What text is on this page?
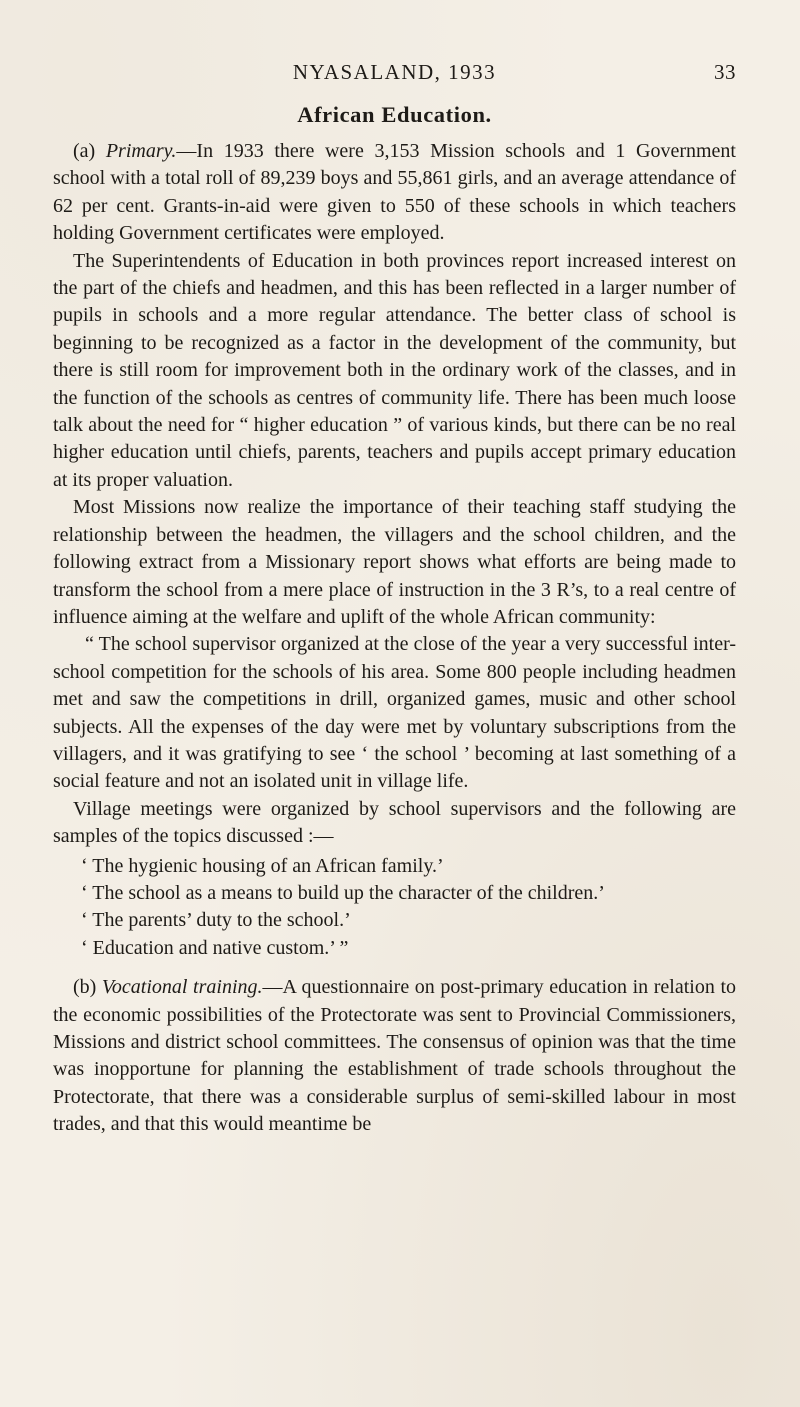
NYASALAND, 1933	33
African Education.

(a) Primary.—In 1933 there were 3,153 Mission schools and 1 Government school with a total roll of 89,239 boys and 55,861 girls, and an average attendance of 62 per cent. Grants-in-aid were given to 550 of these schools in which teachers holding Government certificates were employed.

The Superintendents of Education in both provinces report increased interest on the part of the chiefs and headmen, and this has been reflected in a larger number of pupils in schools and a more regular attendance. The better class of school is beginning to be recognized as a factor in the development of the community, but there is still room for improvement both in the ordinary work of the classes, and in the function of the schools as centres of community life. There has been much loose talk about the need for “ higher education ” of various kinds, but there can be no real higher education until chiefs, parents, teachers and pupils accept primary education at its proper valuation.

Most Missions now realize the importance of their teaching staff studying the relationship between the headmen, the villagers and the school children, and the following extract from a Missionary report shows what efforts are being made to transform the school from a mere place of instruction in the 3 R’s, to a real centre of influence aiming at the welfare and uplift of the whole African community:

“ The school supervisor organized at the close of the year a very successful inter-school competition for the schools of his area. Some 800 people including headmen met and saw the competitions in drill, organized games, music and other school subjects. All the expenses of the day were met by voluntary subscriptions from the villagers, and it was gratifying to see ‘ the school ’ becoming at last something of a social feature and not an isolated unit in village life.

Village meetings were organized by school supervisors and the following are samples of the topics discussed :—

‘ The hygienic housing of an African family.’
‘ The school as a means to build up the character of the children.’
‘ The parents’ duty to the school.’
‘ Education and native custom.’ ”

(b) Vocational training.—A questionnaire on post-primary education in relation to the economic possibilities of the Protectorate was sent to Provincial Commissioners, Missions and district school committees. The consensus of opinion was that the time was inopportune for planning the establishment of trade schools throughout the Protectorate, that there was a considerable surplus of semi-skilled labour in most trades, and that this would meantime be
